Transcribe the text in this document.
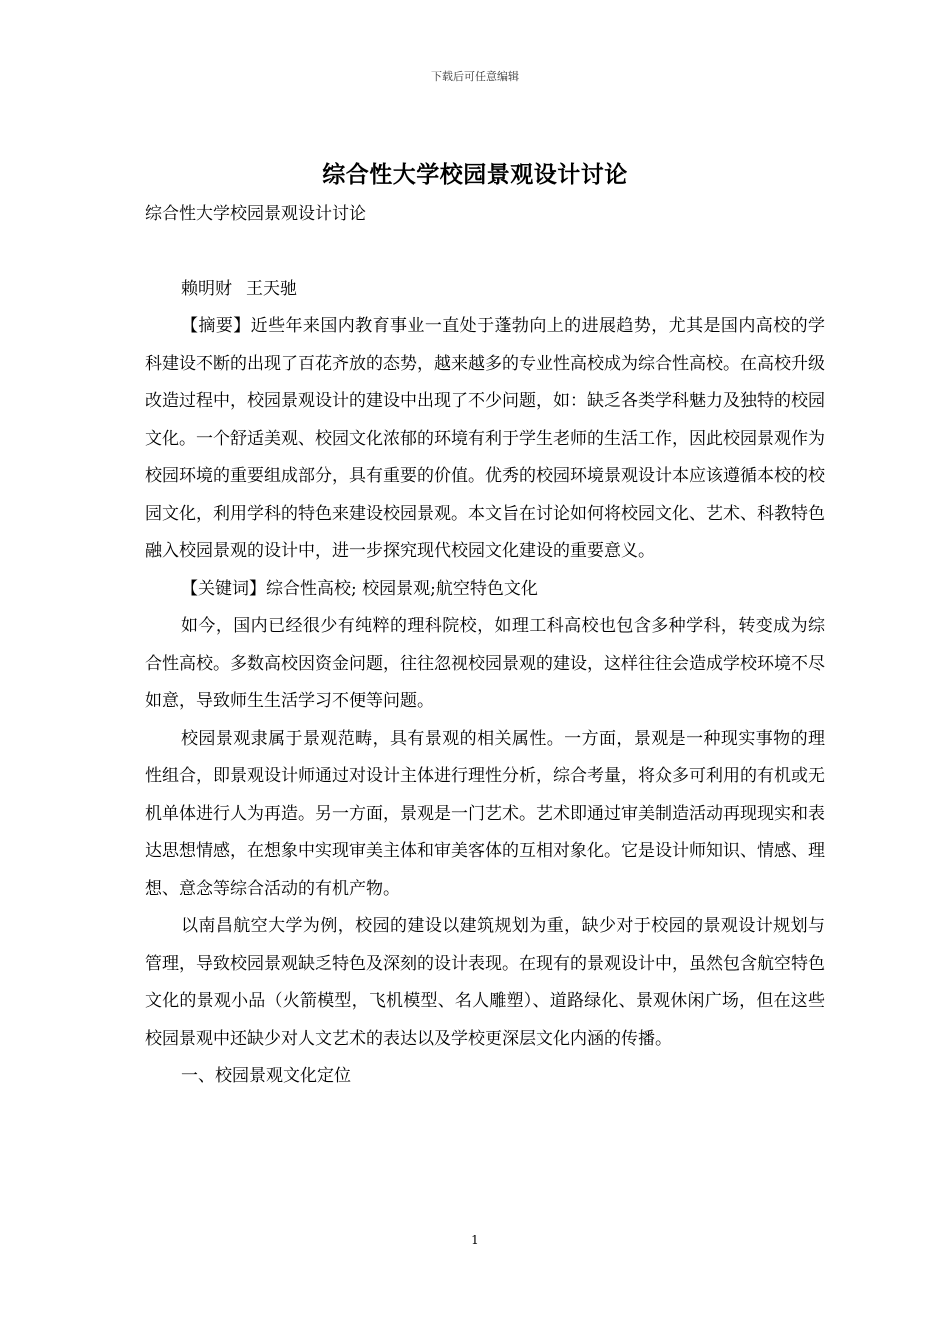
下载后可任意编辑
综合性大学校园景观设计讨论

综合性大学校园景观设计讨论

赖明财 王天驰

【摘要】近些年来国内教育事业一直处于蓬勃向上的进展趋势，尤其是国内高校的学科建设不断的出现了百花齐放的态势，越来越多的专业性高校成为综合性高校。在高校升级改造过程中，校园景观设计的建设中出现了不少问题，如：缺乏各类学科魅力及独特的校园文化。一个舒适美观、校园文化浓郁的环境有利于学生老师的生活工作，因此校园景观作为校园环境的重要组成部分，具有重要的价值。优秀的校园环境景观设计本应该遵循本校的校园文化，利用学科的特色来建设校园景观。本文旨在讨论如何将校园文化、艺术、科教特色融入校园景观的设计中，进一步探究现代校园文化建设的重要意义。

【关键词】综合性高校; 校园景观;航空特色文化

如今，国内已经很少有纯粹的理科院校，如理工科高校也包含多种学科，转变成为综合性高校。多数高校因资金问题，往往忽视校园景观的建设，这样往往会造成学校环境不尽如意，导致师生生活学习不便等问题。

校园景观隶属于景观范畴，具有景观的相关属性。一方面，景观是一种现实事物的理性组合，即景观设计师通过对设计主体进行理性分析，综合考量，将众多可利用的有机或无机单体进行人为再造。另一方面，景观是一门艺术。艺术即通过审美制造活动再现现实和表达思想情感，在想象中实现审美主体和审美客体的互相对象化。它是设计师知识、情感、理想、意念等综合活动的有机产物。

以南昌航空大学为例，校园的建设以建筑规划为重，缺少对于校园的景观设计规划与管理，导致校园景观缺乏特色及深刻的设计表现。在现有的景观设计中，虽然包含航空特色文化的景观小品（火箭模型，飞机模型、名人雕塑）、道路绿化、景观休闲广场，但在这些校园景观中还缺少对人文艺术的表达以及学校更深层文化内涵的传播。

一、校园景观文化定位

1
